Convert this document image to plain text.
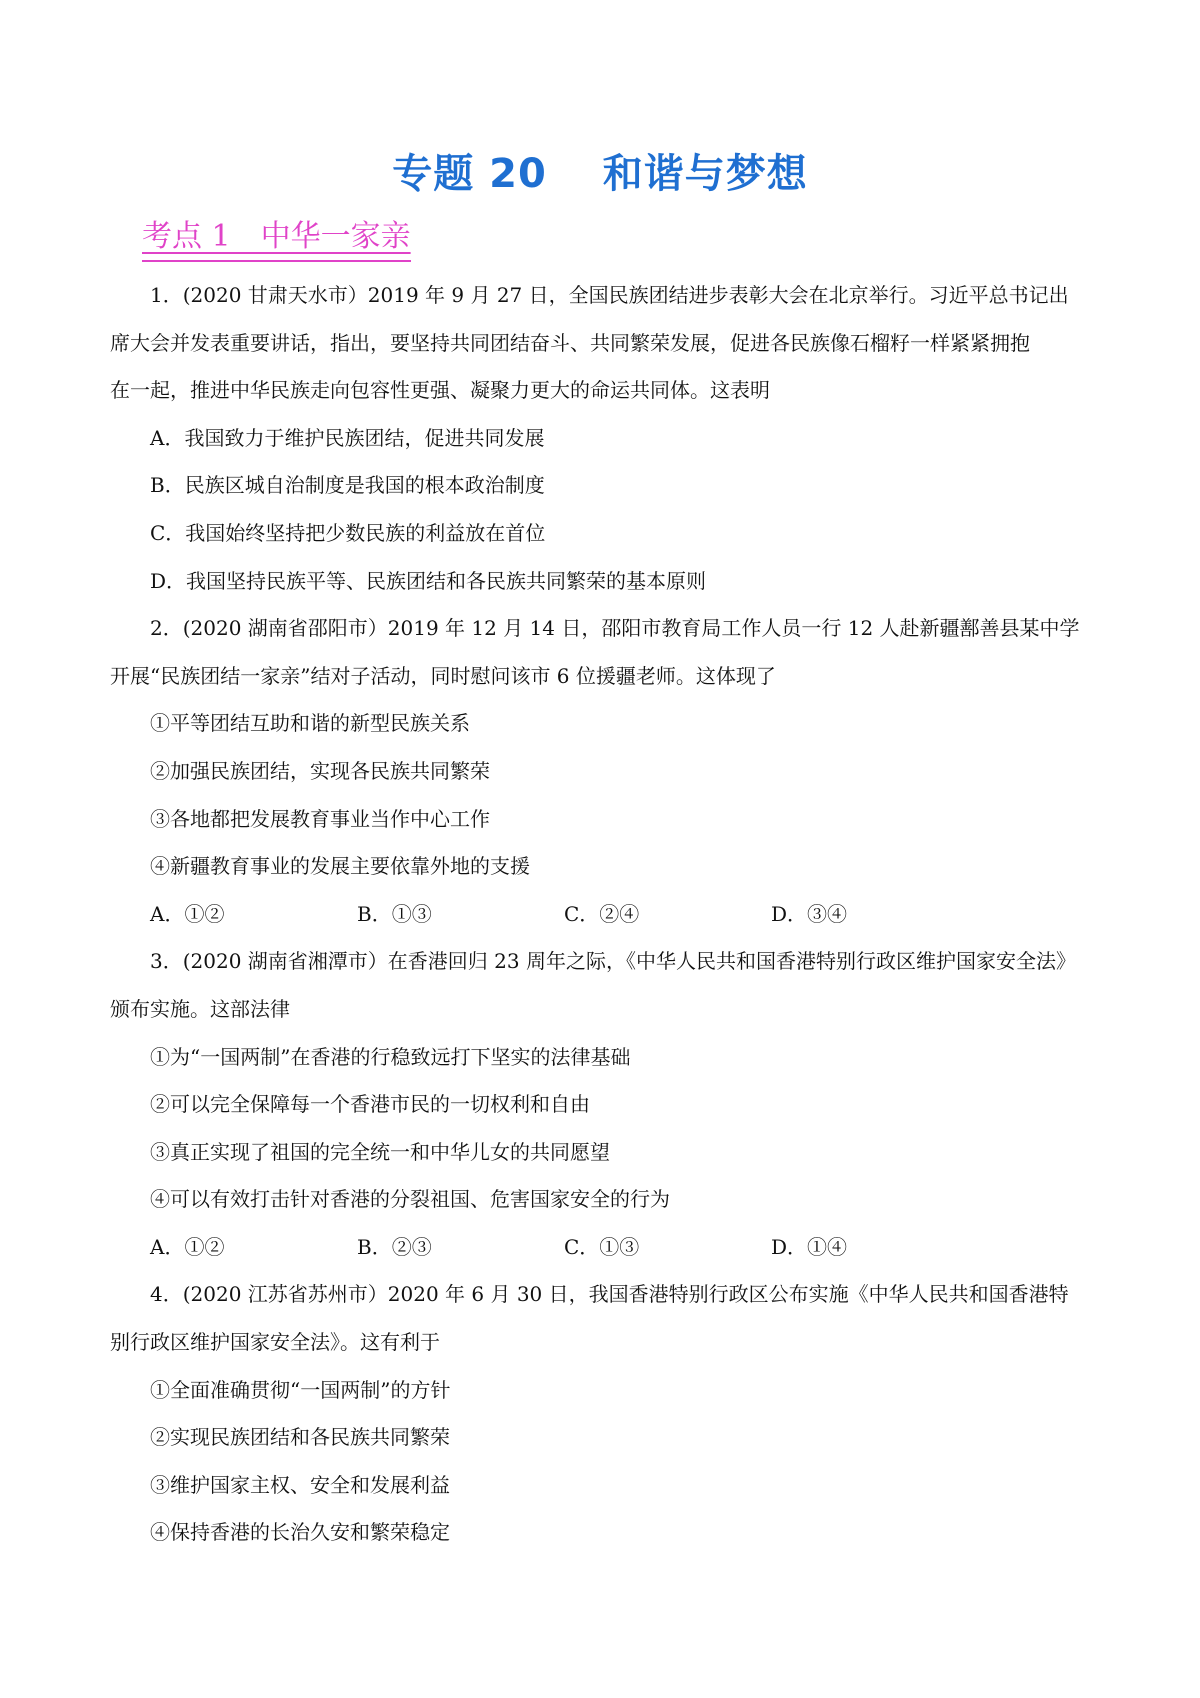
专题 20　 和谐与梦想
考点 1　中华一家亲
1．(2020 甘肃天水市）2019 年 9 月 27 日，全国民族团结进步表彰大会在北京举行。习近平总书记出
席大会并发表重要讲话，指出，要坚持共同团结奋斗、共同繁荣发展，促进各民族像石榴籽一样紧紧拥抱
在一起，推进中华民族走向包容性更强、凝聚力更大的命运共同体。这表明
A．我国致力于维护民族团结，促进共同发展
B．民族区城自治制度是我国的根本政治制度
C．我国始终坚持把少数民族的利益放在首位
D．我国坚持民族平等、民族团结和各民族共同繁荣的基本原则
2．(2020 湖南省邵阳市）2019 年 12 月 14 日，邵阳市教育局工作人员一行 12 人赴新疆鄯善县某中学
开展“民族团结一家亲”结对子活动，同时慰问该市 6 位援疆老师。这体现了
①平等团结互助和谐的新型民族关系
②加强民族团结，实现各民族共同繁荣
③各地都把发展教育事业当作中心工作
④新疆教育事业的发展主要依靠外地的支援
A．①②	B．①③	C．②④	D．③④
3．(2020 湖南省湘潭市）在香港回归 23 周年之际，《中华人民共和国香港特别行政区维护国家安全法》
颁布实施。这部法律
①为“一国两制”在香港的行稳致远打下坚实的法律基础
②可以完全保障每一个香港市民的一切权利和自由
③真正实现了祖国的完全统一和中华儿女的共同愿望
④可以有效打击针对香港的分裂祖国、危害国家安全的行为
A．①②	B．②③	C．①③	D．①④
4．(2020 江苏省苏州市）2020 年 6 月 30 日，我国香港特别行政区公布实施《中华人民共和国香港特
别行政区维护国家安全法》。这有利于
①全面准确贯彻“一国两制”的方针
②实现民族团结和各民族共同繁荣
③维护国家主权、安全和发展利益
④保持香港的长治久安和繁荣稳定
